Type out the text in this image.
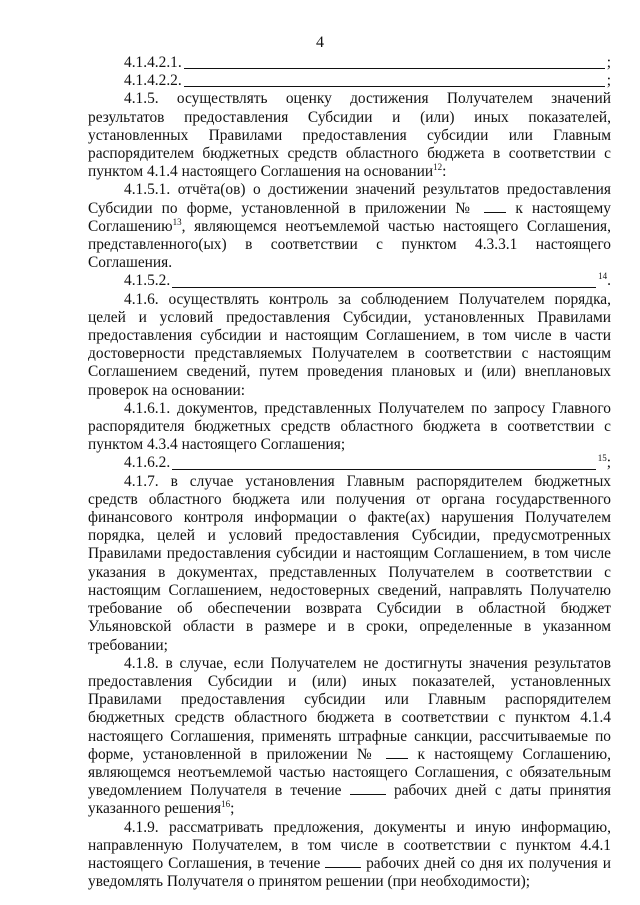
4
4.1.4.2.1.	;
4.1.4.2.2.	;

4.1.5. осуществлять оценку достижения Получателем значений результатов предоставления Субсидии и (или) иных показателей, установленных Правилами предоставления субсидии или Главным распорядителем бюджетных средств областного бюджета в соответствии с пунктом 4.1.4 настоящего Соглашения на основании$^{12}$:

4.1.5.1. отчёта(ов) о достижении значений результатов предоставления Субсидии по форме, установленной в приложении №	к настоящему Соглашению$^{13}$, являющемся неотъемлемой частью настоящего Соглашения, представленного(ых) в соответствии с пунктом 4.3.3.1 настоящего Соглашения.

4.1.5.2.	$^{14}$.

4.1.6. осуществлять контроль за соблюдением Получателем порядка, целей и условий предоставления Субсидии, установленных Правилами предоставления субсидии и настоящим Соглашением, в том числе в части достоверности представляемых Получателем в соответствии с настоящим Соглашением сведений, путем проведения плановых и (или) внеплановых проверок на основании:

4.1.6.1. документов, представленных Получателем по запросу Главного распорядителя бюджетных средств областного бюджета в соответствии с пунктом 4.3.4 настоящего Соглашения;

4.1.6.2.	$^{15}$;

4.1.7. в случае установления Главным распорядителем бюджетных средств областного бюджета или получения от органа государственного финансового контроля информации о факте(ах) нарушения Получателем порядка, целей и условий предоставления Субсидии, предусмотренных Правилами предоставления субсидии и настоящим Соглашением, в том числе указания в документах, представленных Получателем в соответствии с настоящим Соглашением, недостоверных сведений, направлять Получателю требование об обеспечении возврата Субсидии в областной бюджет Ульяновской области в размере и в сроки, определенные в указанном требовании;

4.1.8. в случае, если Получателем не достигнуты значения результатов предоставления Субсидии и (или) иных показателей, установленных Правилами предоставления субсидии или Главным распорядителем бюджетных средств областного бюджета в соответствии с пунктом 4.1.4 настоящего Соглашения, применять штрафные санкции, рассчитываемые по форме, установленной в приложении №	к настоящему Соглашению, являющемся неотъемлемой частью настоящего Соглашения, с обязательным уведомлением Получателя в течение	рабочих дней с даты принятия указанного решения$^{16}$;

4.1.9. рассматривать предложения, документы и иную информацию, направленную Получателем, в том числе в соответствии с пунктом 4.4.1 настоящего Соглашения, в течение	рабочих дней со дня их получения и уведомлять Получателя о принятом решении (при необходимости);
